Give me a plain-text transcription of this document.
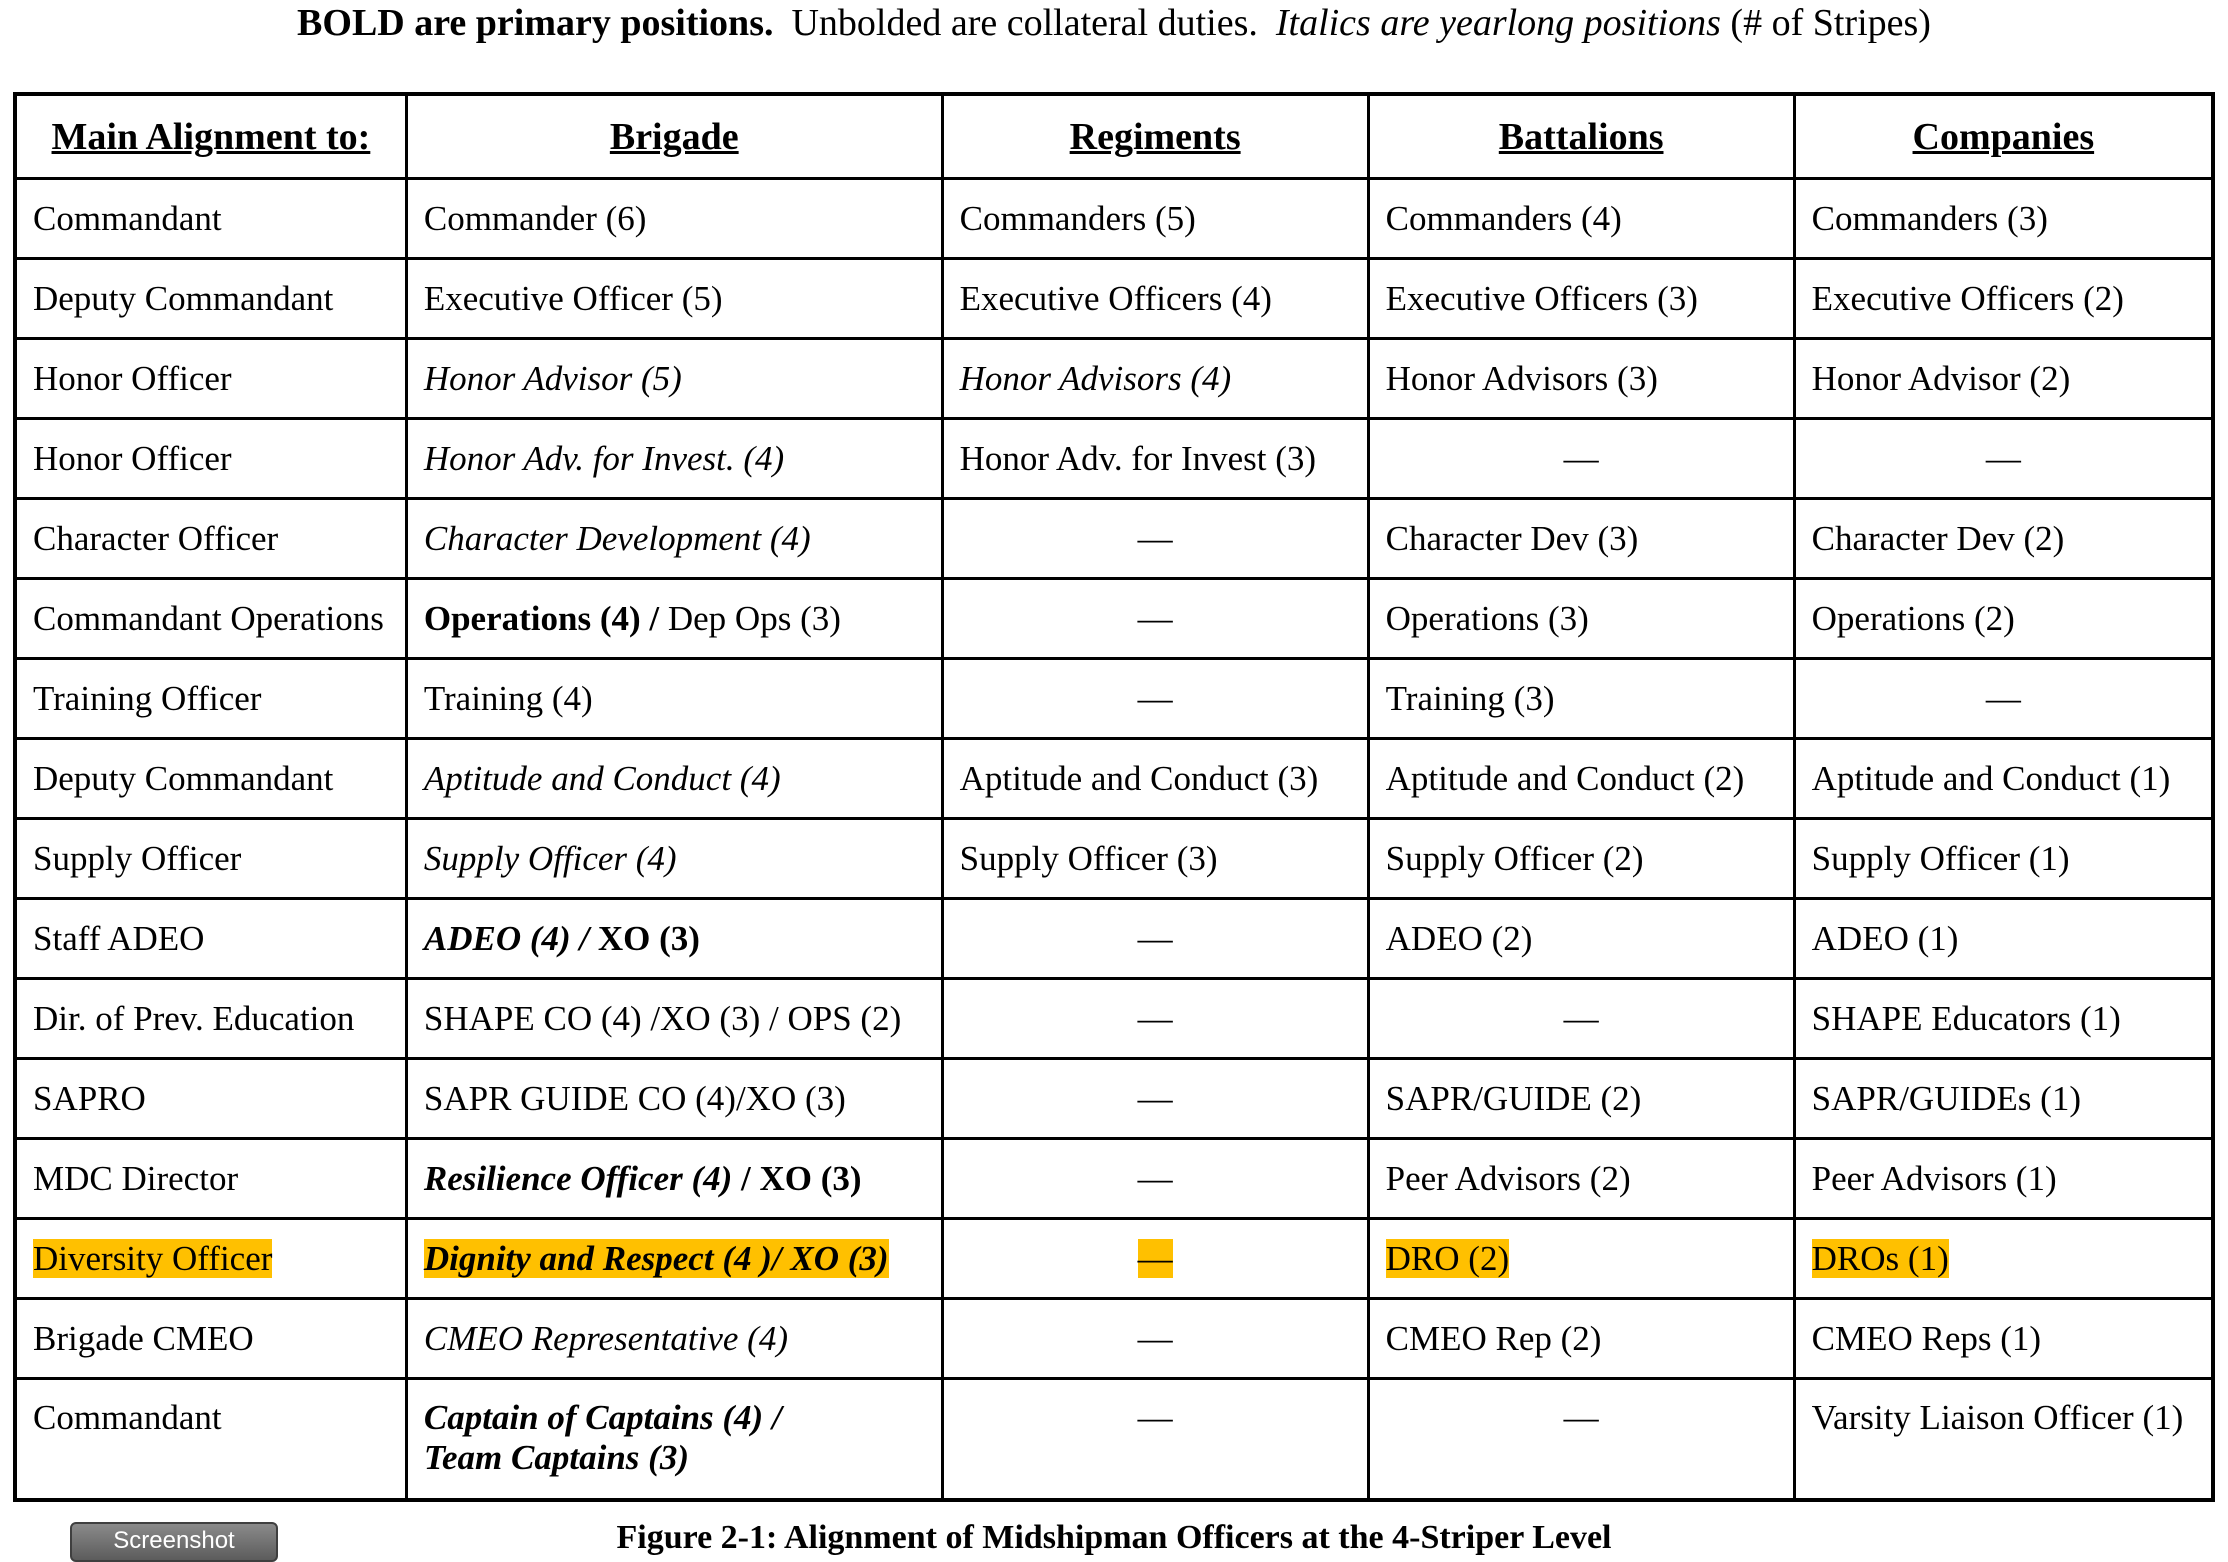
BOLD are primary positions. Unbolded are collateral duties. Italics are yearlong positions (# of Stripes)
Main Alignment to:	Brigade	Regiments	Battalions	Companies
Commandant	Commander (6)	Commanders (5)	Commanders (4)	Commanders (3)
Deputy Commandant	Executive Officer (5)	Executive Officers (4)	Executive Officers (3)	Executive Officers (2)
Honor Officer	Honor Advisor (5)	Honor Advisors (4)	Honor Advisors (3)	Honor Advisor (2)
Honor Officer	Honor Adv. for Invest. (4)	Honor Adv. for Invest (3)	—	—
Character Officer	Character Development (4)	—	Character Dev (3)	Character Dev (2)
Commandant Operations	Operations (4) / Dep Ops (3)	—	Operations (3)	Operations (2)
Training Officer	Training (4)	—	Training (3)	—
Deputy Commandant	Aptitude and Conduct (4)	Aptitude and Conduct (3)	Aptitude and Conduct (2)	Aptitude and Conduct (1)
Supply Officer	Supply Officer (4)	Supply Officer (3)	Supply Officer (2)	Supply Officer (1)
Staff ADEO	ADEO (4) / XO (3)	—	ADEO (2)	ADEO (1)
Dir. of Prev. Education	SHAPE CO (4) /XO (3) / OPS (2)	—	—	SHAPE Educators (1)
SAPRO	SAPR GUIDE CO (4)/XO (3)	—	SAPR/GUIDE (2)	SAPR/GUIDEs (1)
MDC Director	Resilience Officer (4) / XO (3)	—	Peer Advisors (2)	Peer Advisors (1)
Diversity Officer	Dignity and Respect (4 )/ XO (3)	—	DRO (2)	DROs (1)
Brigade CMEO	CMEO Representative (4)	—	CMEO Rep (2)	CMEO Reps (1)
Commandant	Captain of Captains (4) /
Team Captains (3)	—	—	Varsity Liaison Officer (1)
Screenshot	Figure 2-1: Alignment of Midshipman Officers at the 4-Striper Level
